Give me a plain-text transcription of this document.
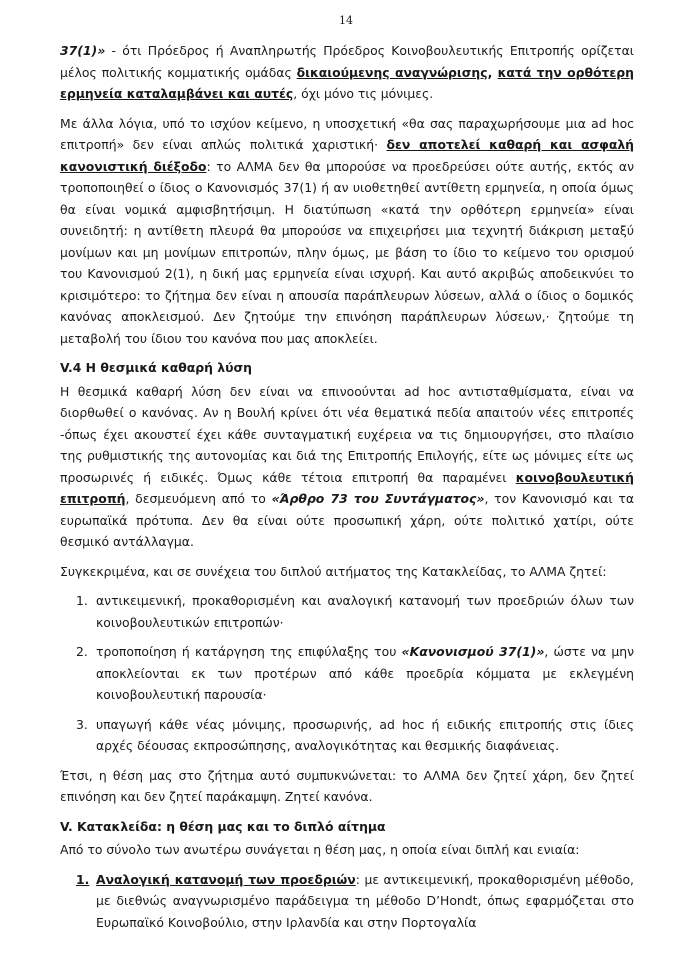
14

37(1)» - ότι Πρόεδρος ή Αναπληρωτής Πρόεδρος Κοινοβουλευτικής Επιτροπής ορίζεται μέλος πολιτικής κομματικής ομάδας δικαιούμενης αναγνώρισης, κατά την ορθότερη ερμηνεία καταλαμβάνει και αυτές, όχι μόνο τις μόνιμες.

Με άλλα λόγια, υπό το ισχύον κείμενο, η υποσχετική «θα σας παραχωρήσουμε μια ad hoc επιτροπή» δεν είναι απλώς πολιτικά χαριστική· δεν αποτελεί καθαρή και ασφαλή κανονιστική διέξοδο: το ΑΛΜΑ δεν θα μπορούσε να προεδρεύσει ούτε αυτής, εκτός αν τροποποιηθεί ο ίδιος ο Κανονισμός 37(1) ή αν υιοθετηθεί αντίθετη ερμηνεία, η οποία όμως θα είναι νομικά αμφισβητήσιμη. Η διατύπωση «κατά την ορθότερη ερμηνεία» είναι συνειδητή: η αντίθετη πλευρά θα μπορούσε να επιχειρήσει μια τεχνητή διάκριση μεταξύ μονίμων και μη μονίμων επιτροπών, πλην όμως, με βάση το ίδιο το κείμενο του ορισμού του Κανονισμού 2(1), η δική μας ερμηνεία είναι ισχυρή. Και αυτό ακριβώς αποδεικνύει το κρισιμότερο: το ζήτημα δεν είναι η απουσία παράπλευρων λύσεων, αλλά ο ίδιος ο δομικός κανόνας αποκλεισμού. Δεν ζητούμε την επινόηση παράπλευρων λύσεων,· ζητούμε τη μεταβολή του ίδιου του κανόνα που μας αποκλείει.

V.4 Η θεσμικά καθαρή λύση

Η θεσμικά καθαρή λύση δεν είναι να επινοούνται ad hoc αντισταθμίσματα, είναι να διορθωθεί ο κανόνας. Αν η Βουλή κρίνει ότι νέα θεματικά πεδία απαιτούν νέες επιτροπές -όπως έχει ακουστεί έχει κάθε συνταγματική ευχέρεια να τις δημιουργήσει, στο πλαίσιο της ρυθμιστικής της αυτονομίας και διά της Επιτροπής Επιλογής, είτε ως μόνιμες είτε ως προσωρινές ή ειδικές. Όμως κάθε τέτοια επιτροπή θα παραμένει κοινοβουλευτική επιτροπή, δεσμευόμενη από το «Άρθρο 73 του Συντάγματος», τον Κανονισμό και τα ευρωπαϊκά πρότυπα. Δεν θα είναι ούτε προσωπική χάρη, ούτε πολιτικό χατίρι, ούτε θεσμικό αντάλλαγμα.

Συγκεκριμένα, και σε συνέχεια του διπλού αιτήματος της Κατακλείδας, το ΑΛΜΑ ζητεί:

1. αντικειμενική, προκαθορισμένη και αναλογική κατανομή των προεδριών όλων των κοινοβουλευτικών επιτροπών·
2. τροποποίηση ή κατάργηση της επιφύλαξης του «Κανονισμού 37(1)», ώστε να μην αποκλείονται εκ των προτέρων από κάθε προεδρία κόμματα με εκλεγμένη κοινοβουλευτική παρουσία·
3. υπαγωγή κάθε νέας μόνιμης, προσωρινής, ad hoc ή ειδικής επιτροπής στις ίδιες αρχές δέουσας εκπροσώπησης, αναλογικότητας και θεσμικής διαφάνειας.

Έτσι, η θέση μας στο ζήτημα αυτό συμπυκνώνεται: το ΑΛΜΑ δεν ζητεί χάρη, δεν ζητεί επινόηση και δεν ζητεί παράκαμψη. Ζητεί κανόνα.

V. Κατακλείδα: η θέση μας και το διπλό αίτημα

Από το σύνολο των ανωτέρω συνάγεται η θέση μας, η οποία είναι διπλή και ενιαία:

1. Αναλογική κατανομή των προεδριών: με αντικειμενική, προκαθορισμένη μέθοδο, με διεθνώς αναγνωρισμένο παράδειγμα τη μέθοδο D’Hondt, όπως εφαρμόζεται στο Ευρωπαϊκό Κοινοβούλιο, στην Ιρλανδία και στην Πορτογαλία
